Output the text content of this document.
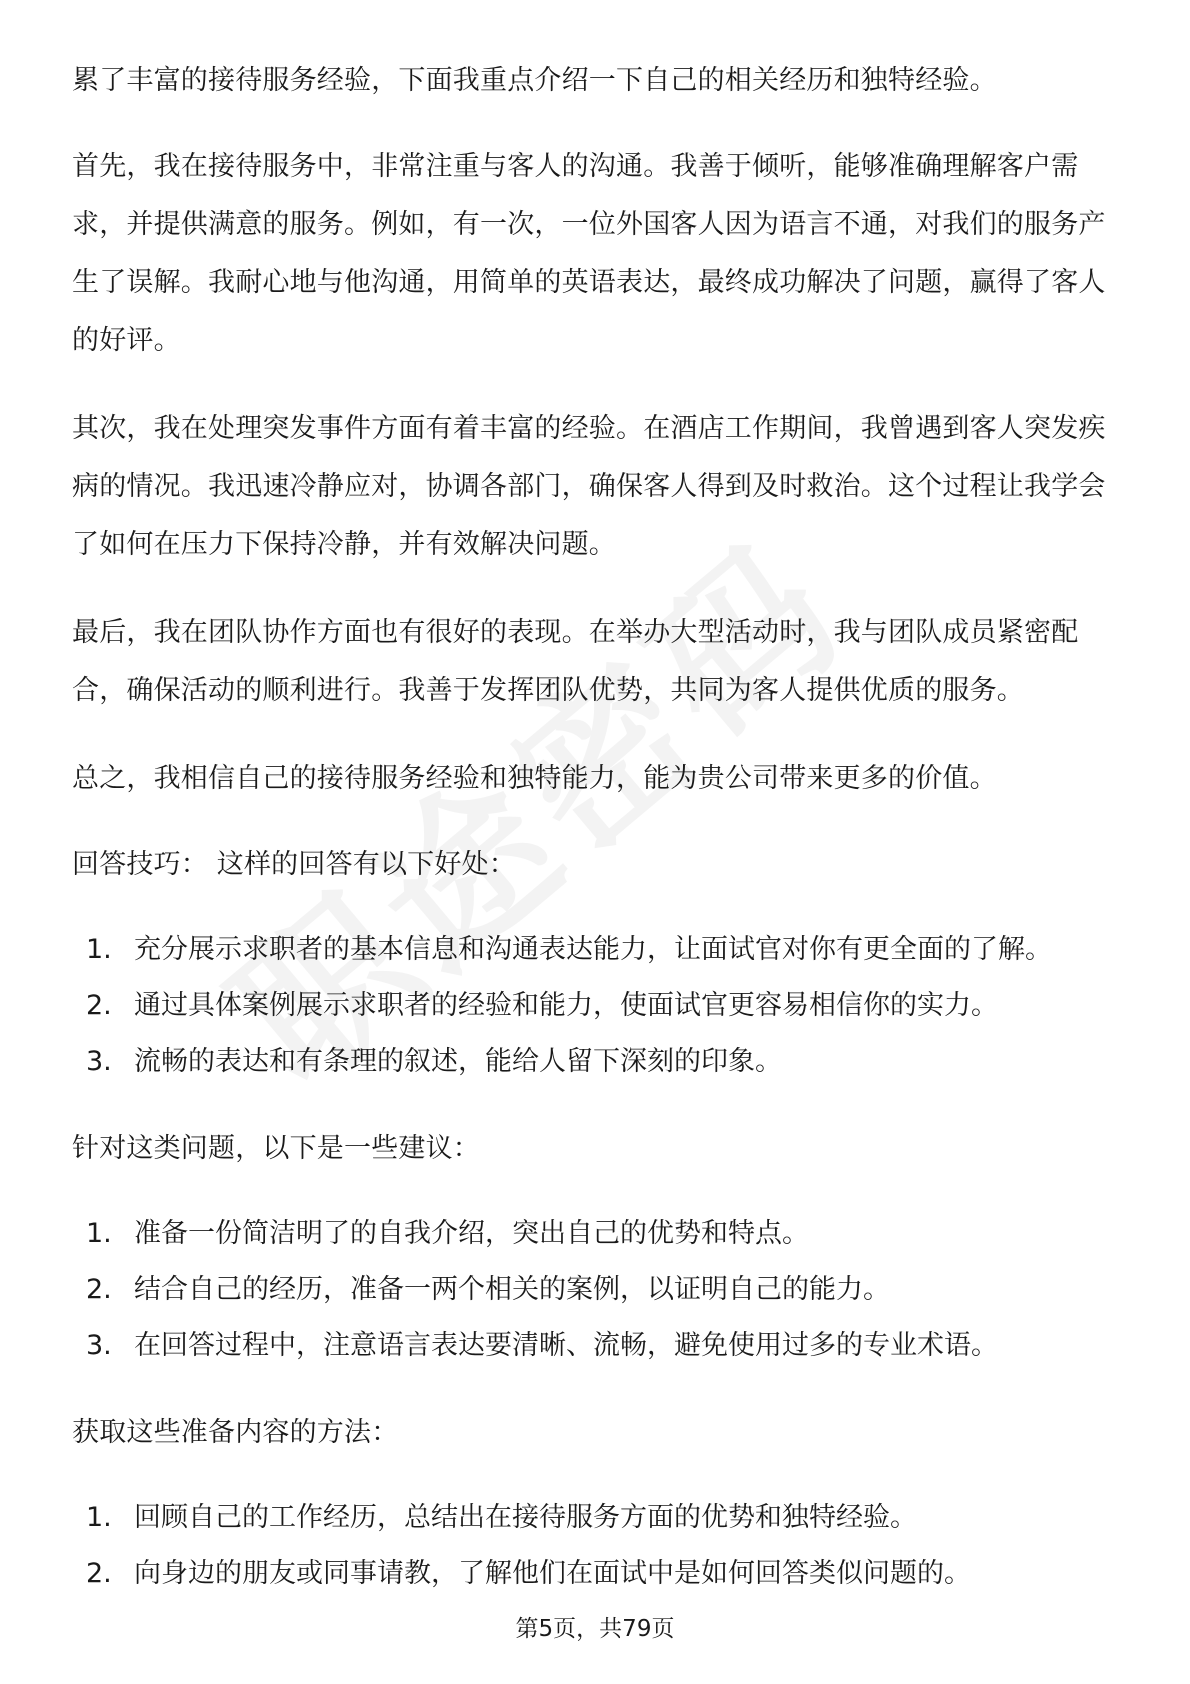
累了丰富的接待服务经验，下面我重点介绍一下自己的相关经历和独特经验。

首先，我在接待服务中，非常注重与客人的沟通。我善于倾听，能够准确理解客户需求，并提供满意的服务。例如，有一次，一位外国客人因为语言不通，对我们的服务产生了误解。我耐心地与他沟通，用简单的英语表达，最终成功解决了问题，赢得了客人的好评。

其次，我在处理突发事件方面有着丰富的经验。在酒店工作期间，我曾遇到客人突发疾病的情况。我迅速冷静应对，协调各部门，确保客人得到及时救治。这个过程让我学会了如何在压力下保持冷静，并有效解决问题。

最后，我在团队协作方面也有很好的表现。在举办大型活动时，我与团队成员紧密配合，确保活动的顺利进行。我善于发挥团队优势，共同为客人提供优质的服务。

总之，我相信自己的接待服务经验和独特能力，能为贵公司带来更多的价值。

回答技巧： 这样的回答有以下好处：

1. 充分展示求职者的基本信息和沟通表达能力，让面试官对你有更全面的了解。
2. 通过具体案例展示求职者的经验和能力，使面试官更容易相信你的实力。
3. 流畅的表达和有条理的叙述，能给人留下深刻的印象。

针对这类问题，以下是一些建议：

1. 准备一份简洁明了的自我介绍，突出自己的优势和特点。
2. 结合自己的经历，准备一两个相关的案例，以证明自己的能力。
3. 在回答过程中，注意语言表达要清晰、流畅，避免使用过多的专业术语。

获取这些准备内容的方法：

1. 回顾自己的工作经历，总结出在接待服务方面的优势和独特经验。
2. 向身边的朋友或同事请教，了解他们在面试中是如何回答类似问题的。
第5页，共79页
